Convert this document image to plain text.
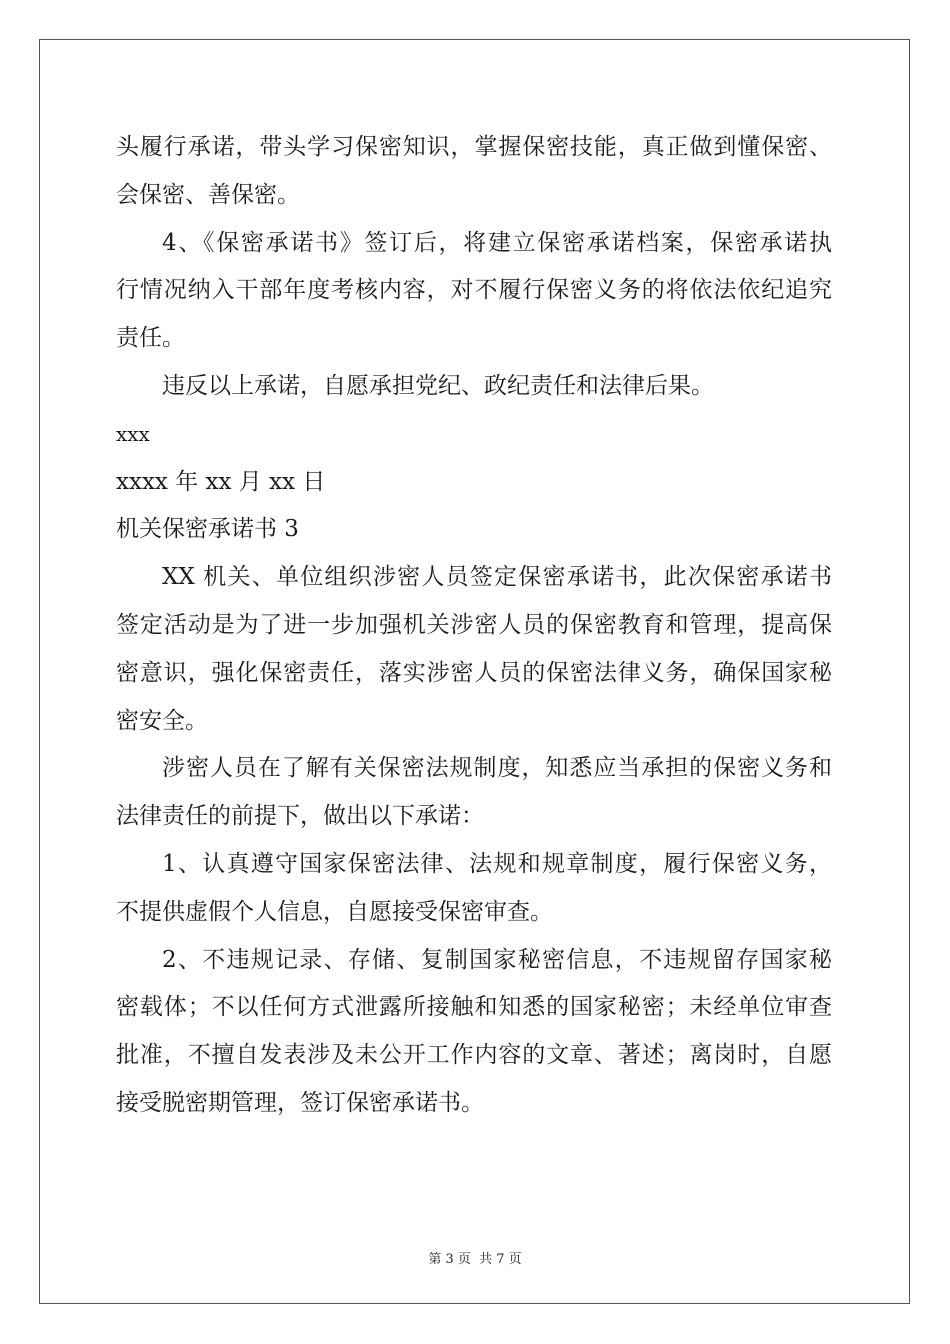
头履行承诺，带头学习保密知识，掌握保密技能，真正做到懂保密、
会保密、善保密。
4、《保密承诺书》签订后，将建立保密承诺档案，保密承诺执
行情况纳入干部年度考核内容，对不履行保密义务的将依法依纪追究
责任。
违反以上承诺，自愿承担党纪、政纪责任和法律后果。
xxx
xxxx 年 xx 月 xx 日
机关保密承诺书 3
XX 机关、单位组织涉密人员签定保密承诺书，此次保密承诺书
签定活动是为了进一步加强机关涉密人员的保密教育和管理，提高保
密意识，强化保密责任，落实涉密人员的保密法律义务，确保国家秘
密安全。
涉密人员在了解有关保密法规制度，知悉应当承担的保密义务和
法律责任的前提下，做出以下承诺：
1、认真遵守国家保密法律、法规和规章制度，履行保密义务，
不提供虚假个人信息，自愿接受保密审查。
2、不违规记录、存储、复制国家秘密信息，不违规留存国家秘
密载体；不以任何方式泄露所接触和知悉的国家秘密；未经单位审查
批准，不擅自发表涉及未公开工作内容的文章、著述；离岗时，自愿
接受脱密期管理，签订保密承诺书。
第 3 页 共 7 页
